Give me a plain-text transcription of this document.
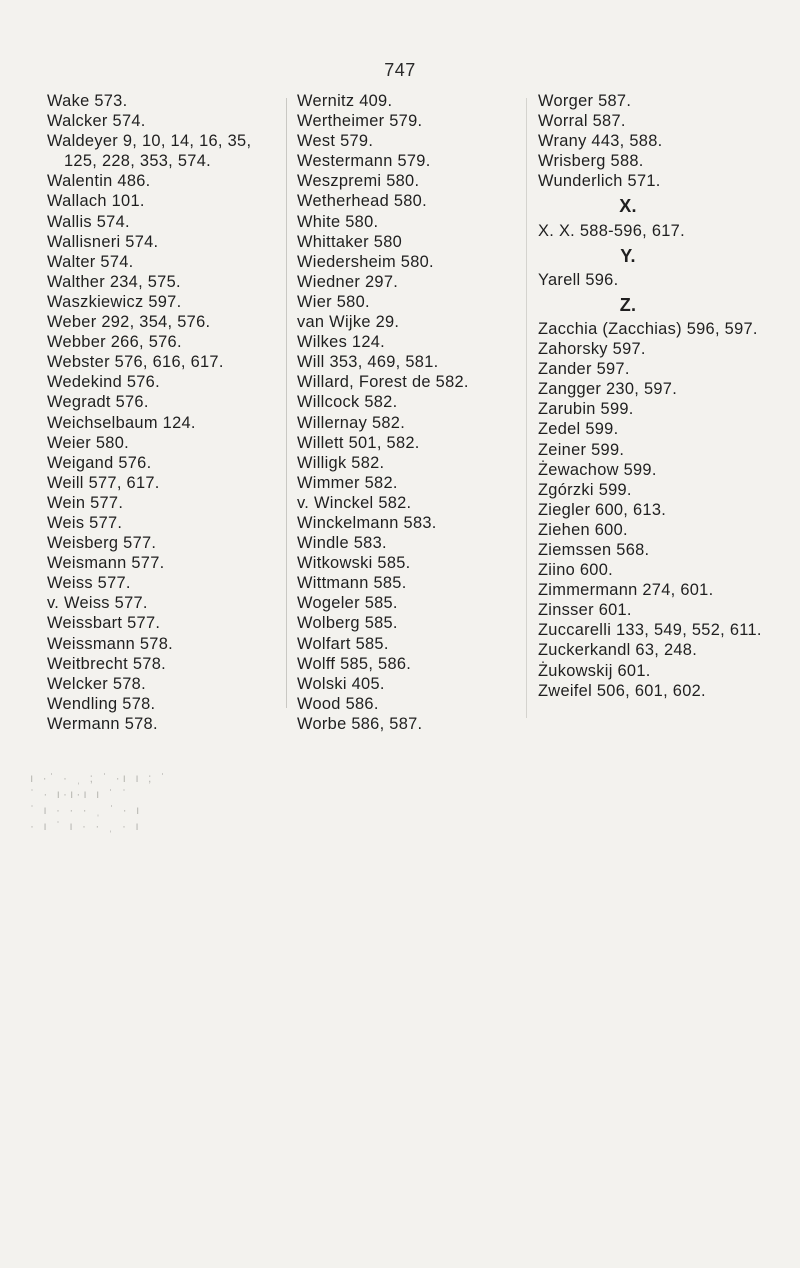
747
Wake 573.
Walcker 574.
Waldeyer 9, 10, 14, 16, 35,
125, 228, 353, 574.
Walentin 486.
Wallach 101.
Wallis 574.
Wallisneri 574.
Walter 574.
Walther 234, 575.
Waszkiewicz 597.
Weber 292, 354, 576.
Webber 266, 576.
Webster 576, 616, 617.
Wedekind 576.
Wegradt 576.
Weichselbaum 124.
Weier 580.
Weigand 576.
Weill 577, 617.
Wein 577.
Weis 577.
Weisberg 577.
Weismann 577.
Weiss 577.
v. Weiss 577.
Weissbart 577.
Weissmann 578.
Weitbrecht 578.
Welcker 578.
Wendling 578.
Wermann 578.
Wernitz 409.
Wertheimer 579.
West 579.
Westermann 579.
Weszpremi 580.
Wetherhead 580.
White 580.
Whittaker 580
Wiedersheim 580.
Wiedner 297.
Wier 580.
van Wijke 29.
Wilkes 124.
Will 353, 469, 581.
Willard, Forest de 582.
Willcock 582.
Willernay 582.
Willett 501, 582.
Willigk 582.
Wimmer 582.
v. Winckel 582.
Winckelmann 583.
Windle 583.
Witkowski 585.
Wittmann 585.
Wogeler 585.
Wolberg 585.
Wolfart 585.
Wolff 585, 586.
Wolski 405.
Wood 586.
Worbe 586, 587.
Worger 587.
Worral 587.
Wrany 443, 588.
Wrisberg 588.
Wunderlich 571.
X.
X. X. 588-596, 617.
Y.
Yarell 596.
Z.
Zacchia (Zacchias) 596, 597.
Zahorsky 597.
Zander 597.
Zangger 230, 597.
Zarubin 599.
Zedel 599.
Zeiner 599.
Żewachow 599.
Zgórzki 599.
Ziegler 600, 613.
Ziehen 600.
Ziemssen 568.
Ziino 600.
Zimmermann 274, 601.
Zinsser 601.
Zuccarelli 133, 549, 552, 611.
Zuckerkandl 63, 248.
Żukowskij 601.
Zweifel 506, 601, 602.
ı ·ˈ · ˌ ; ˈ ·ı ı ; ˈ
ˈ · ı·ı·ı ı ˈ ˈ
ˈ ı · · · ˌ ˈ · ı
· ı ˈ ı · · ˌ · ı
